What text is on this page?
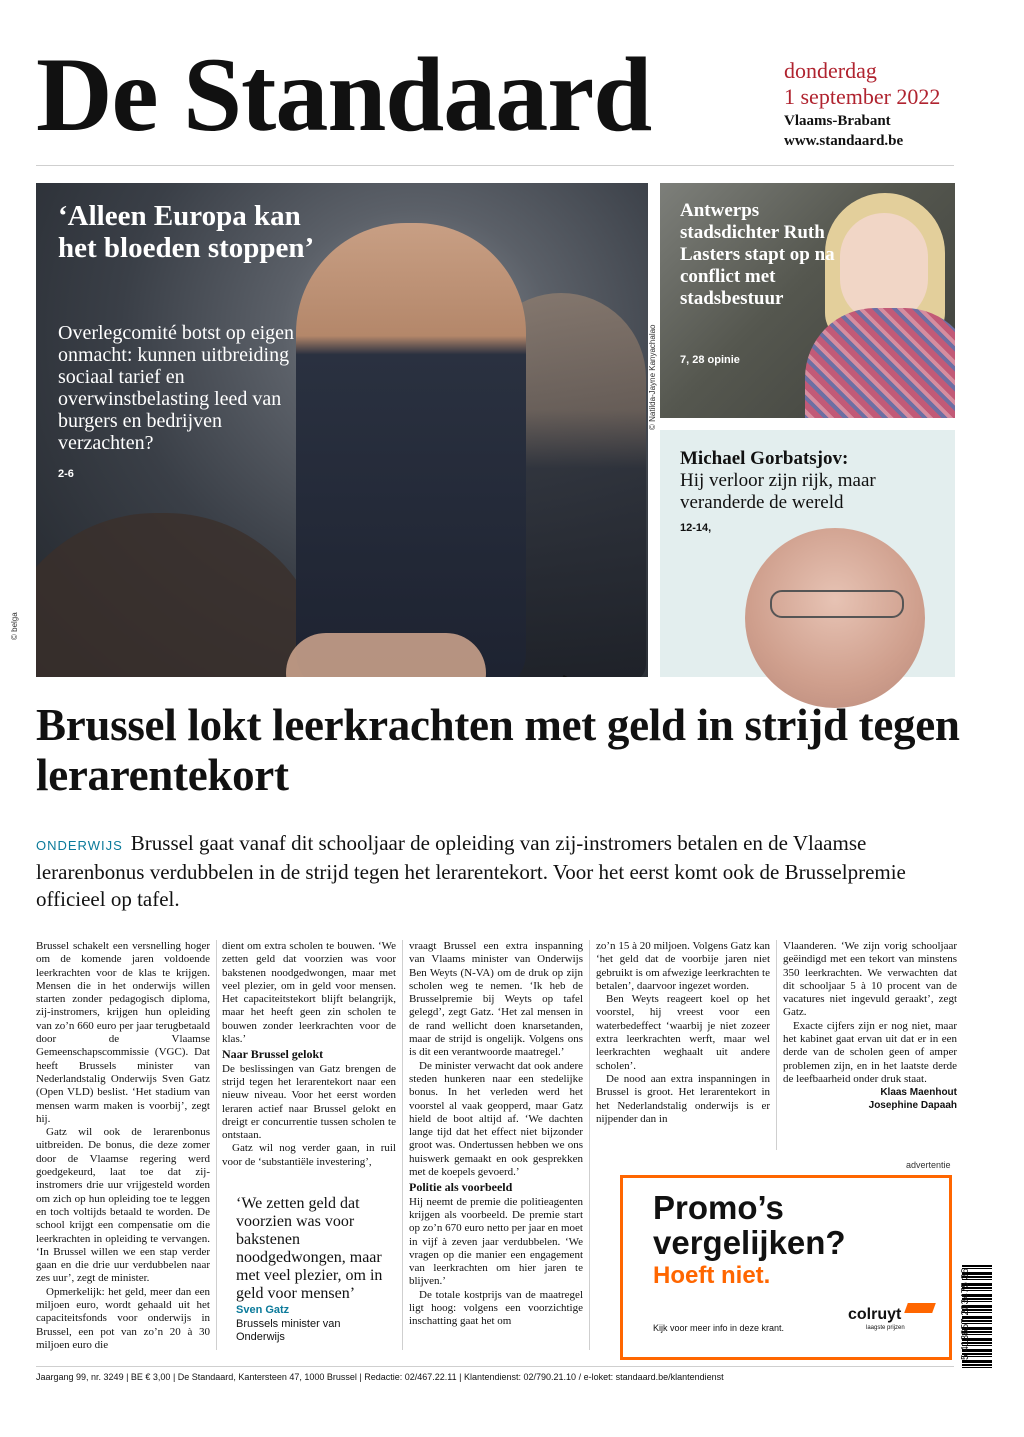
De Standaard	donderdag
1 september 2022
Vlaams-Brabant
www.standaard.be
‘Alleen Europa kan het bloeden stoppen’
Overlegcomité botst op eigen onmacht: kunnen uitbreiding sociaal tarief en overwinstbelasting leed van burgers en bedrijven verzachten?
2-6
© belga
© Natilda-Jayne Kanyachalao
Antwerps stadsdichter Ruth Lasters stapt op na conflict met stadsbestuur
7, 28 opinie
Michael Gorbatsjov:
Hij verloor zijn rijk, maar veranderde de wereld
12-14,
Brussel lokt leerkrachten met geld in strijd tegen lerarentekort
ONDERWIJS Brussel gaat vanaf dit schooljaar de opleiding van zij-instromers betalen en de Vlaamse lerarenbonus verdubbelen in de strijd tegen het lerarentekort. Voor het eerst komt ook de Brusselpremie officieel op tafel.

Brussel schakelt een versnelling hoger om de komende jaren voldoende leerkrachten voor de klas te krijgen. Mensen die in het onderwijs willen starten zonder pedagogisch diploma, zij-instromers, krijgen hun opleiding van zo’n 660 euro per jaar terugbetaald door de Vlaamse Gemeenschapscommissie (VGC). Dat heeft Brussels minister van Nederlandstalig Onderwijs Sven Gatz (Open VLD) beslist. ‘Het stadium van mensen warm maken is voorbij’, zegt hij.

Gatz wil ook de lerarenbonus uitbreiden. De bonus, die deze zomer door de Vlaamse regering werd goedgekeurd, laat toe dat zij-instromers drie uur vrijgesteld worden om zich op hun opleiding toe te leggen en toch voltijds betaald te worden. De school krijgt een compensatie om die leerkrachten in opleiding te vervangen. ‘In Brussel willen we een stap verder gaan en die drie uur verdubbelen naar zes uur’, zegt de minister.

Opmerkelijk: het geld, meer dan een miljoen euro, wordt gehaald uit het capaciteitsfonds voor onderwijs in Brussel, een pot van zo’n 20 à 30 miljoen euro die

dient om extra scholen te bouwen. ‘We zetten geld dat voorzien was voor bakstenen noodgedwongen, maar met veel plezier, om in geld voor mensen. Het capaciteitstekort blijft belangrijk, maar het heeft geen zin scholen te bouwen zonder leerkrachten voor de klas.’

Naar Brussel gelokt

De beslissingen van Gatz brengen de strijd tegen het lerarentekort naar een nieuw niveau. Voor het eerst worden leraren actief naar Brussel gelokt en dreigt er concurrentie tussen scholen te ontstaan.

Gatz wil nog verder gaan, in ruil voor de ‘substantiële investering’,

‘We zetten geld dat voorzien was voor bakstenen noodgedwongen, maar met veel plezier, om in geld voor mensen’
Sven Gatz
Brussels minister van Onderwijs

vraagt Brussel een extra inspanning van Vlaams minister van Onderwijs Ben Weyts (N-VA) om de druk op zijn scholen weg te nemen. ‘Ik heb de Brusselpremie bij Weyts op tafel gelegd’, zegt Gatz. ‘Het zal mensen in de rand wellicht doen knarsetanden, maar de strijd is ongelijk. Volgens ons is dit een verantwoorde maatregel.’

De minister verwacht dat ook andere steden hunkeren naar een stedelijke bonus. In het verleden werd het voorstel al vaak geopperd, maar Gatz hield de boot altijd af. ‘We dachten lange tijd dat het effect niet bijzonder groot was. Ondertussen hebben we ons huiswerk gemaakt en ook gesprekken met de koepels gevoerd.’

Politie als voorbeeld

Hij neemt de premie die politieagenten krijgen als voorbeeld. De premie start op zo’n 670 euro netto per jaar en moet in vijf à zeven jaar verdubbelen. ‘We vragen op die manier een engagement van leerkrachten om hier jaren te blijven.’

De totale kostprijs van de maatregel ligt hoog: volgens een voorzichtige inschatting gaat het om

zo’n 15 à 20 miljoen. Volgens Gatz kan ‘het geld dat de voorbije jaren niet gebruikt is om afwezige leerkrachten te betalen’, daarvoor ingezet worden.

Ben Weyts reageert koel op het voorstel, hij vreest voor een waterbedeffect ‘waarbij je niet zozeer extra leerkrachten werft, maar wel leerkrachten weghaalt uit andere scholen’.

De nood aan extra inspanningen in Brussel is groot. Het lerarentekort in het Nederlandstalig onderwijs is er nijpender dan in

Vlaanderen. ‘We zijn vorig schooljaar geëindigd met een tekort van minstens 350 leerkrachten. We verwachten dat dit schooljaar 5 à 10 procent van de vacatures niet ingevuld geraakt’, zegt Gatz.

Exacte cijfers zijn er nog niet, maar het kabinet gaat ervan uit dat er in een derde van de scholen geen of amper problemen zijn, en in het laatste derde de leefbaarheid onder druk staat.

Klaas Maenhout
Josephine Dapaah
advertentie
Promo’s vergelijken?
Hoeft niet.
Kijk voor meer info in deze krant.
colruyt
laagste prijzen	5 413657 203475 36
Jaargang 99, nr. 3249 | BE € 3,00 | De Standaard, Kantersteen 47, 1000 Brussel | Redactie: 02/467.22.11 | Klantendienst: 02/790.21.10 / e-loket: standaard.be/klantendienst
